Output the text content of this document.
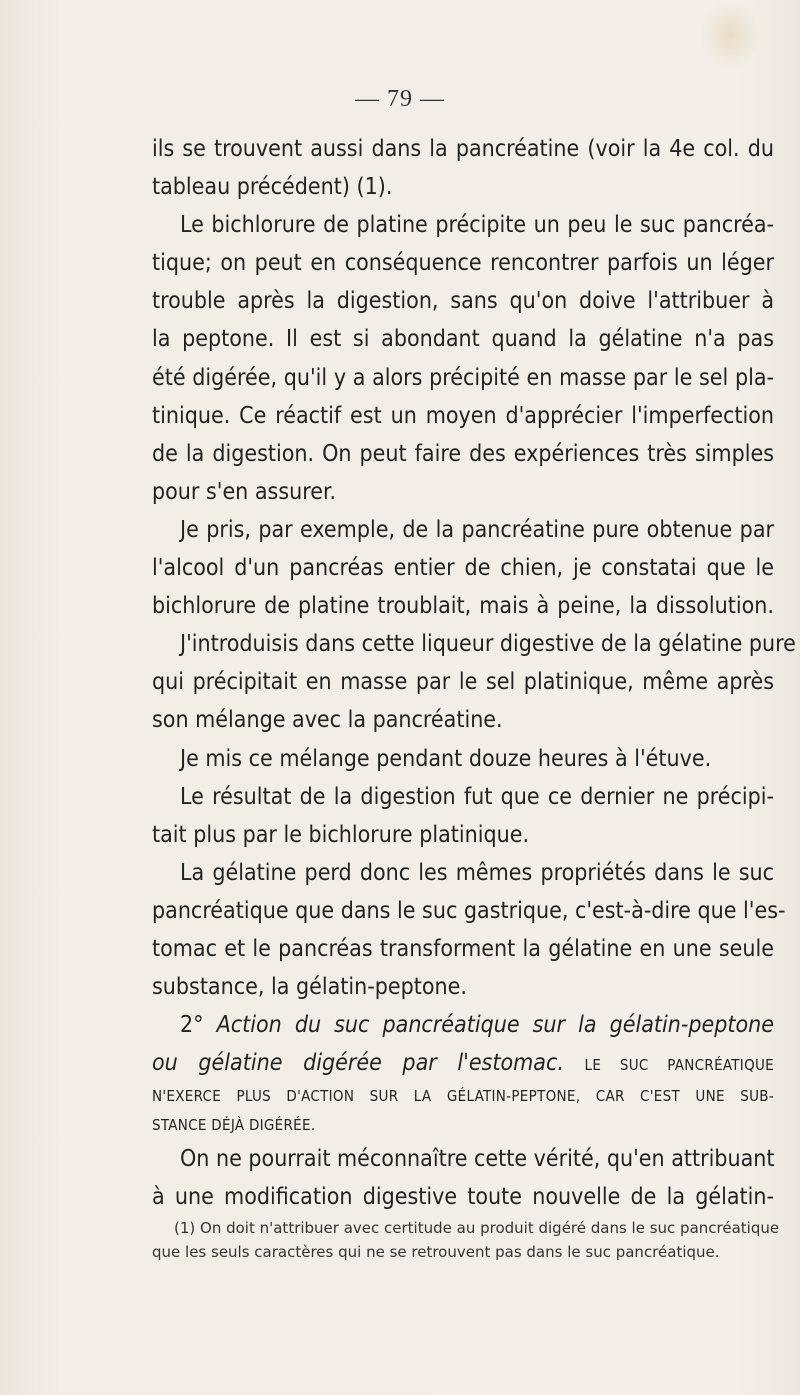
— 79 —
ils se trouvent aussi dans la pancréatine (voir la 4e col. du
tableau précédent) (1).
Le bichlorure de platine précipite un peu le suc pancréa-
tique; on peut en conséquence rencontrer parfois un léger
trouble après la digestion, sans qu'on doive l'attribuer à
la peptone. Il est si abondant quand la gélatine n'a pas
été digérée, qu'il y a alors précipité en masse par le sel pla-
tinique. Ce réactif est un moyen d'apprécier l'imperfection
de la digestion. On peut faire des expériences très simples
pour s'en assurer.
Je pris, par exemple, de la pancréatine pure obtenue par
l'alcool d'un pancréas entier de chien, je constatai que le
bichlorure de platine troublait, mais à peine, la dissolution.
J'introduisis dans cette liqueur digestive de la gélatine pure
qui précipitait en masse par le sel platinique, même après
son mélange avec la pancréatine.
Je mis ce mélange pendant douze heures à l'étuve.
Le résultat de la digestion fut que ce dernier ne précipi-
tait plus par le bichlorure platinique.
La gélatine perd donc les mêmes propriétés dans le suc
pancréatique que dans le suc gastrique, c'est-à-dire que l'es-
tomac et le pancréas transforment la gélatine en une seule
substance, la gélatin-peptone.
2° Action du suc pancréatique sur la gélatin-peptone
ou gélatine digérée par l'estomac. LE SUC PANCRÉATIQUE
N'EXERCE PLUS D'ACTION SUR LA GÉLATIN-PEPTONE, CAR C'EST UNE SUB-
STANCE DÉJÀ DIGÉRÉE.
On ne pourrait méconnaître cette vérité, qu'en attribuant
à une modification digestive toute nouvelle de la gélatin-
(1) On doit n'attribuer avec certitude au produit digéré dans le suc pancréatique
que les seuls caractères qui ne se retrouvent pas dans le suc pancréatique.
